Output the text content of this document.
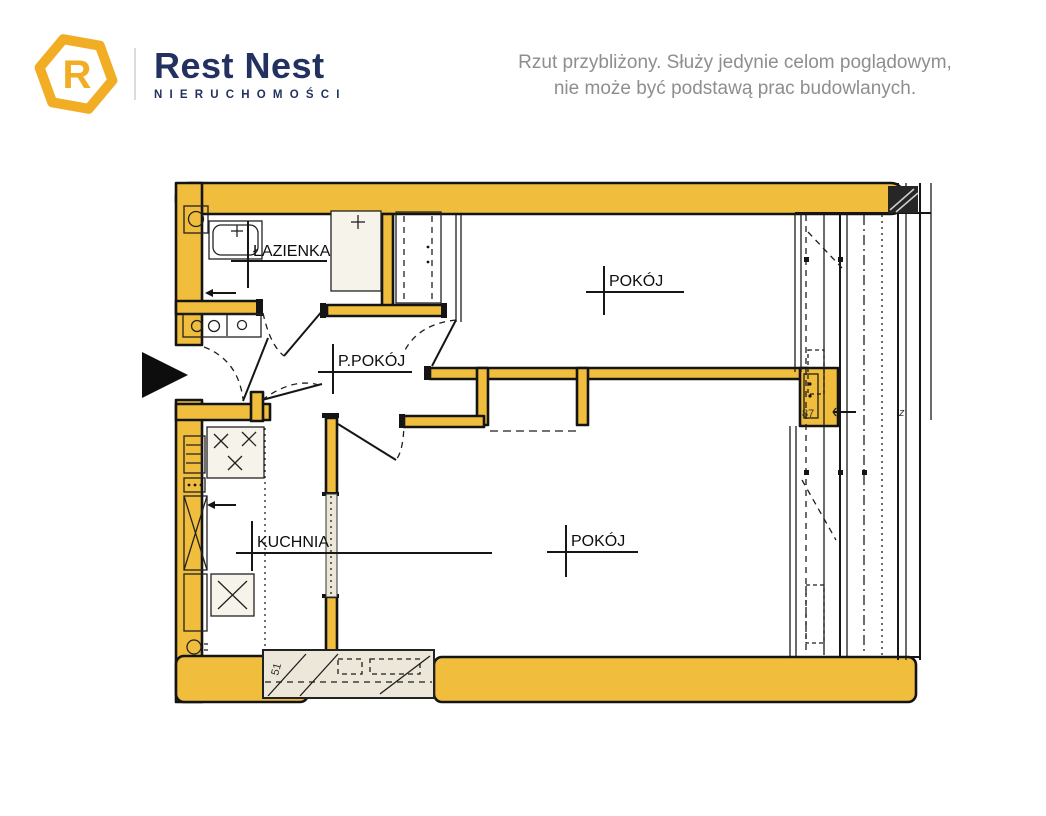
R Rest Nest
NIERUCHOMOŚCI
Rzut przybliżony. Służy jedynie celom poglądowym,
nie może być podstawą prac budowlanych.
z
87
51
ŁAZIENKA
POKÓJ
P.POKÓJ
KUCHNIA	POKÓJ
